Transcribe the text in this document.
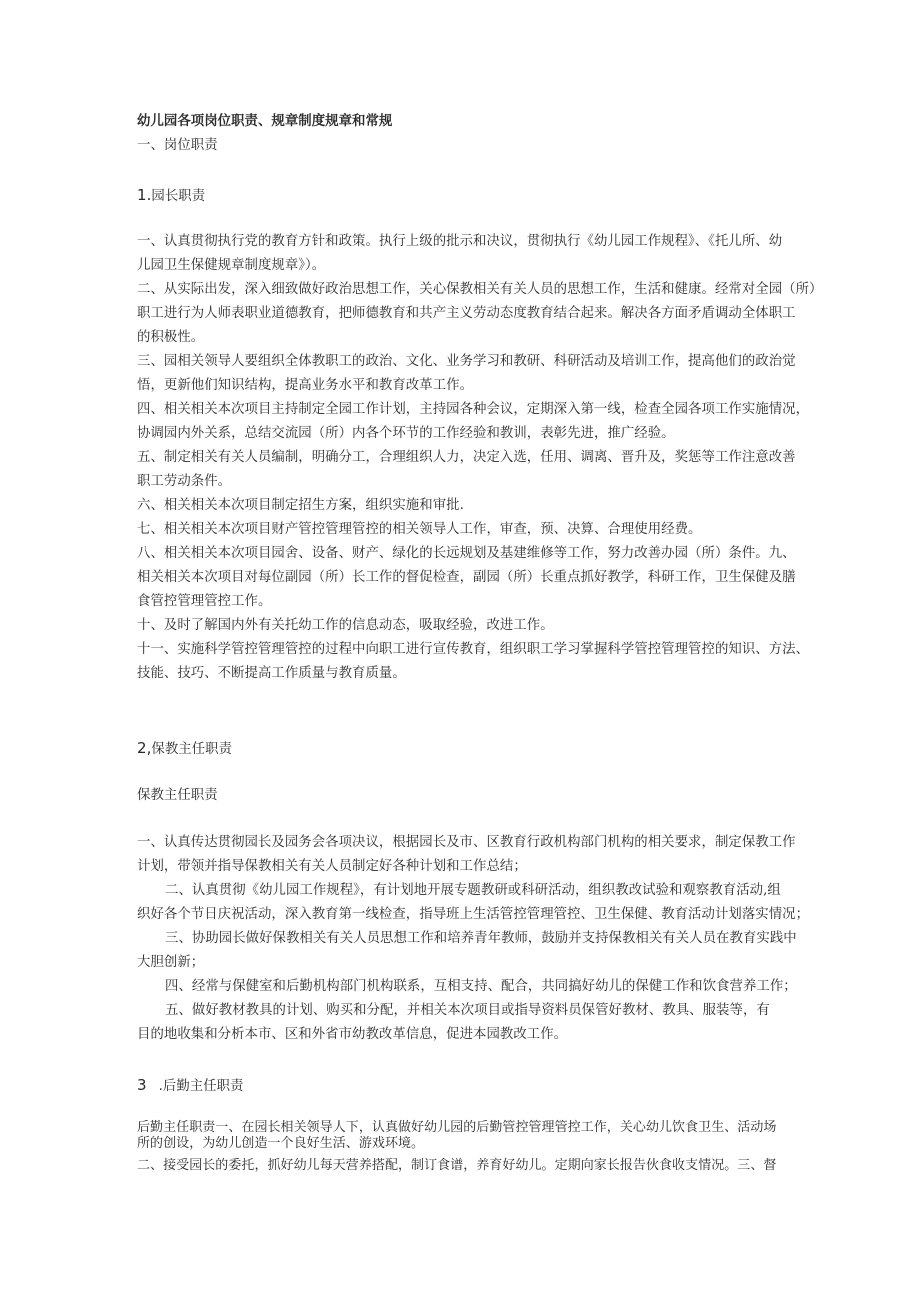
幼儿园各项岗位职责、规章制度规章和常规
一、岗位职责
1.园长职责
一、认真贯彻执行党的教育方针和政策。执行上级的批示和决议，贯彻执行《幼儿园工作规程》、《托儿所、幼
儿园卫生保健规章制度规章》）。
二、从实际出发，深入细致做好政治思想工作，关心保教相关有关人员的思想工作，生活和健康。经常对全园（所）
职工进行为人师表职业道德教育，把师德教育和共产主义劳动态度教育结合起来。解决各方面矛盾调动全体职工
的积极性。
三、园相关领导人要组织全体教职工的政治、文化、业务学习和教研、科研活动及培训工作，提高他们的政治觉
悟，更新他们知识结构，提高业务水平和教育改革工作。
四、相关相关本次项目主持制定全园工作计划，主持园各种会议，定期深入第一线，检查全园各项工作实施情况，
协调园内外关系，总结交流园（所）内各个环节的工作经验和教训，表彰先进，推广经验。
五、制定相关有关人员编制，明确分工，合理组织人力，决定入选，任用、调离、晋升及，奖惩等工作注意改善
职工劳动条件。
六、相关相关本次项目制定招生方案，组织实施和审批.
七、相关相关本次项目财产管控管理管控的相关领导人工作，审查，预、决算、合理使用经费。
八、相关相关本次项目园舍、设备、财产、绿化的长远规划及基建维修等工作，努力改善办园（所）条件。九、
相关相关本次项目对每位副园（所）长工作的督促检查，副园（所）长重点抓好教学，科研工作，卫生保健及膳
食管控管理管控工作。
十、及时了解国内外有关托幼工作的信息动态，吸取经验，改进工作。
十一、实施科学管控管理管控的过程中向职工进行宣传教育，组织职工学习掌握科学管控管理管控的知识、方法、
技能、技巧、不断提高工作质量与教育质量。
2,保教主任职责
保教主任职责
一、认真传达贯彻园长及园务会各项决议，根据园长及市、区教育行政机构部门机构的相关要求，制定保教工作
计划，带领并指导保教相关有关人员制定好各种计划和工作总结；
二、认真贯彻《幼儿园工作规程》，有计划地开展专题教研或科研活动，组织教改试验和观察教育活动,组
织好各个节日庆祝活动，深入教育第一线检查，指导班上生活管控管理管控、卫生保健、教育活动计划落实情况；
三、协助园长做好保教相关有关人员思想工作和培养青年教师，鼓励并支持保教相关有关人员在教育实践中
大胆创新；
四、经常与保健室和后勤机构部门机构联系，互相支持、配合，共同搞好幼儿的保健工作和饮食营养工作；
五、做好教材教具的计划、购买和分配，并相关本次项目或指导资料员保管好教材、教具、服装等，有
目的地收集和分析本市、区和外省市幼教改革信息，促进本园教改工作。
3 .后勤主任职责
后勤主任职责一、在园长相关领导人下，认真做好幼儿园的后勤管控管理管控工作，关心幼儿饮食卫生、活动场
所的创设，为幼儿创造一个良好生活、游戏环境。
二、接受园长的委托，抓好幼儿每天营养搭配，制订食谱，养育好幼儿。定期向家长报告伙食收支情况。三、督
